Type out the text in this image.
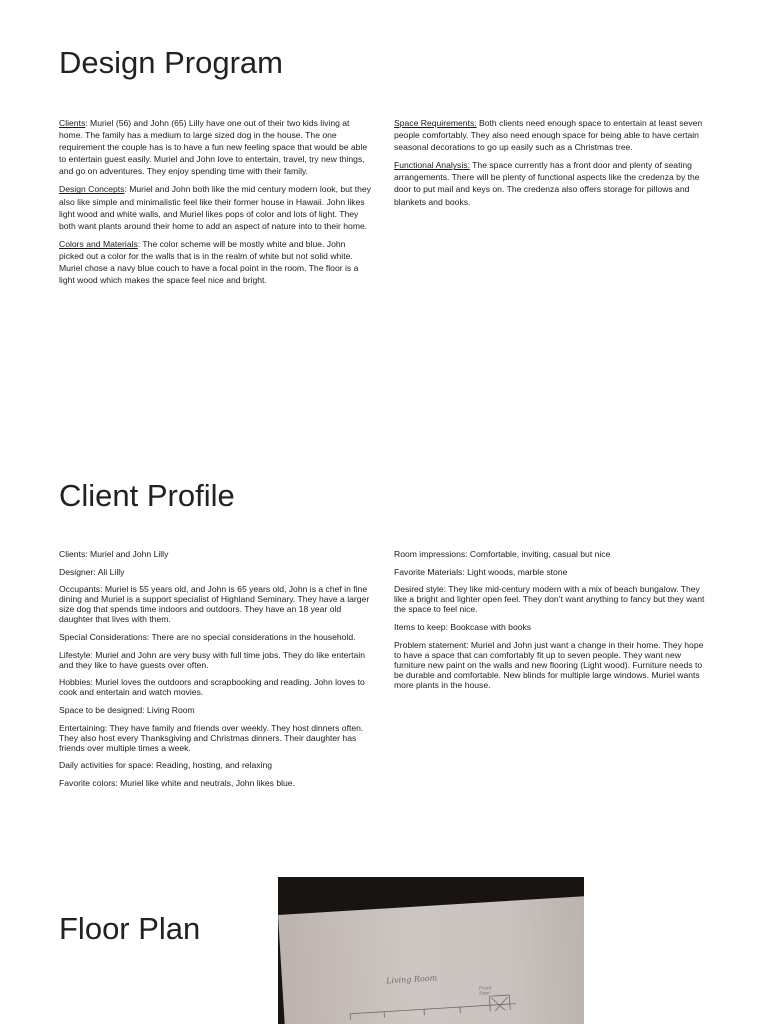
Design Program

Clients: Muriel (56) and John (65) Lilly have one out of their two kids living at home. The family has a medium to large sized dog in the house. The one requirement the couple has is to have a fun new feeling space that would be able to entertain guest easily. Muriel and John love to entertain, travel, try new things, and go on adventures. They enjoy spending time with their family.

Design Concepts: Muriel and John both like the mid century modern look, but they also like simple and minimalistic feel like their former house in Hawaii. John likes light wood and white walls, and Muriel likes pops of color and lots of light. They both want plants around their home to add an aspect of nature into to their home.

Colors and Materials: The color scheme will be mostly white and blue. John picked out a color for the walls that is in the realm of white but not solid white. Muriel chose a navy blue couch to have a focal point in the room. The floor is a light wood which makes the space feel nice and bright.

Space Requirements: Both clients need enough space to entertain at least seven people comfortably. They also need enough space for being able to have certain seasonal decorations to go up easily such as a Christmas tree.

Functional Analysis: The space currently has a front door and plenty of seating arrangements. There will be plenty of functional aspects like the credenza by the door to put mail and keys on. The credenza also offers storage for pillows and blankets and books.

Client Profile

Clients: Muriel and John Lilly

Designer: Ali Lilly

Occupants: Muriel is 55 years old, and John is 65 years old, John is a chef in fine dining and Muriel is a support specialist of Highland Seminary. They have a larger size dog that spends time indoors and outdoors. They have an 18 year old daughter that lives with them.

Special Considerations: There are no special considerations in the household.

Lifestyle: Muriel and John are very busy with full time jobs. They do like entertain and they like to have guests over often.

Hobbies: Muriel loves the outdoors and scrapbooking and reading. John loves to cook and entertain and watch movies.

Space to be designed: Living Room

Entertaining: They have family and friends over weekly. They host dinners often. They also host every Thanksgiving and Christmas dinners. Their daughter has friends over multiple times a week.

Daily activities for space: Reading, hosting, and relaxing

Favorite colors: Muriel like white and neutrals, John likes blue.

Room impressions: Comfortable, inviting, casual but nice

Favorite Materials: Light woods, marble stone

Desired style: They like mid-century modern with a mix of beach bungalow. They like a bright and lighter open feel. They don’t want anything to fancy but they want the space to feel nice.

Items to keep: Bookcase with books

Problem statement: Muriel and John just want a change in their home. They hope to have a space that can comfortably fit up to seven people. They want new furniture new paint on the walls and new flooring (Light wood). Furniture needs to be durable and comfortable. New blinds for multiple large windows. Muriel wants more plants in the house.

Floor Plan
Living Room
Front Door
